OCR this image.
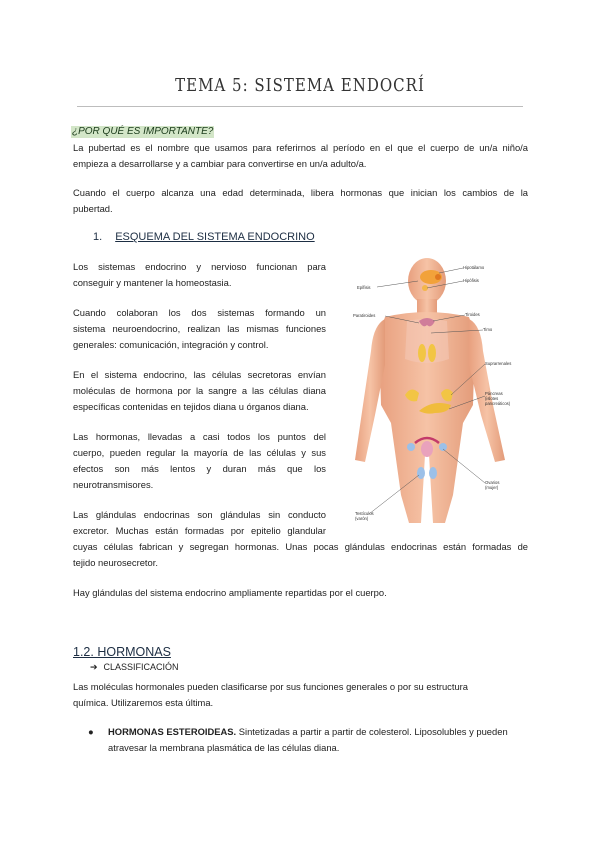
TEMA 5: SISTEMA ENDOCRÍ
¿POR QUÉ ES IMPORTANTE?
La pubertad es el nombre que usamos para referirnos al período en el que el cuerpo de un/a niño/a
empieza a desarrollarse y a cambiar para convertirse en un/a adulto/a.
Cuando el cuerpo alcanza una edad determinada, libera hormonas que inician los cambios de la
pubertad.
1. ESQUEMA DEL SISTEMA ENDOCRINO
Los sistemas endocrino y nervioso funcionan para
conseguir y mantener la homeostasia.
Cuando colaboran los dos sistemas formando un
sistema neuroendocrino, realizan las mismas funciones
generales: comunicación, integración y control.
En el sistema endocrino, las células secretoras envían
moléculas de hormona por la sangre a las células diana
específicas contenidas en tejidos diana u órganos diana.
Las hormonas, llevadas a casi todos los puntos del
cuerpo, pueden regular la mayoría de las células y sus
efectos son más lentos y duran más que los
neurotransmisores.
Las glándulas endocrinas son glándulas sin conducto
excretor. Muchas están formadas por epitelio glandular
cuyas células fabrican y segregan hormonas. Unas pocas glándulas endocrinas están formadas de
tejido neurosecretor.
Hay glándulas del sistema endocrino ampliamente repartidas por el cuerpo.
Hipotálamo
Hipófisis
Epífisis
Paratiroides	Tiroides
Timo
Suprarrenales
Páncreas
(islotes
pancreáticos)
Ovarios
(mujer)
Testículos
(varón)
1.2. HORMONAS
➔ CLASSIFICACIÓN
Las moléculas hormonales pueden clasificarse por sus funciones generales o por su estructura
química. Utilizaremos esta última.
● HORMONAS ESTEROIDEAS. Sintetizadas a partir a partir de colesterol. Liposolubles y pueden
atravesar la membrana plasmática de las células diana.
